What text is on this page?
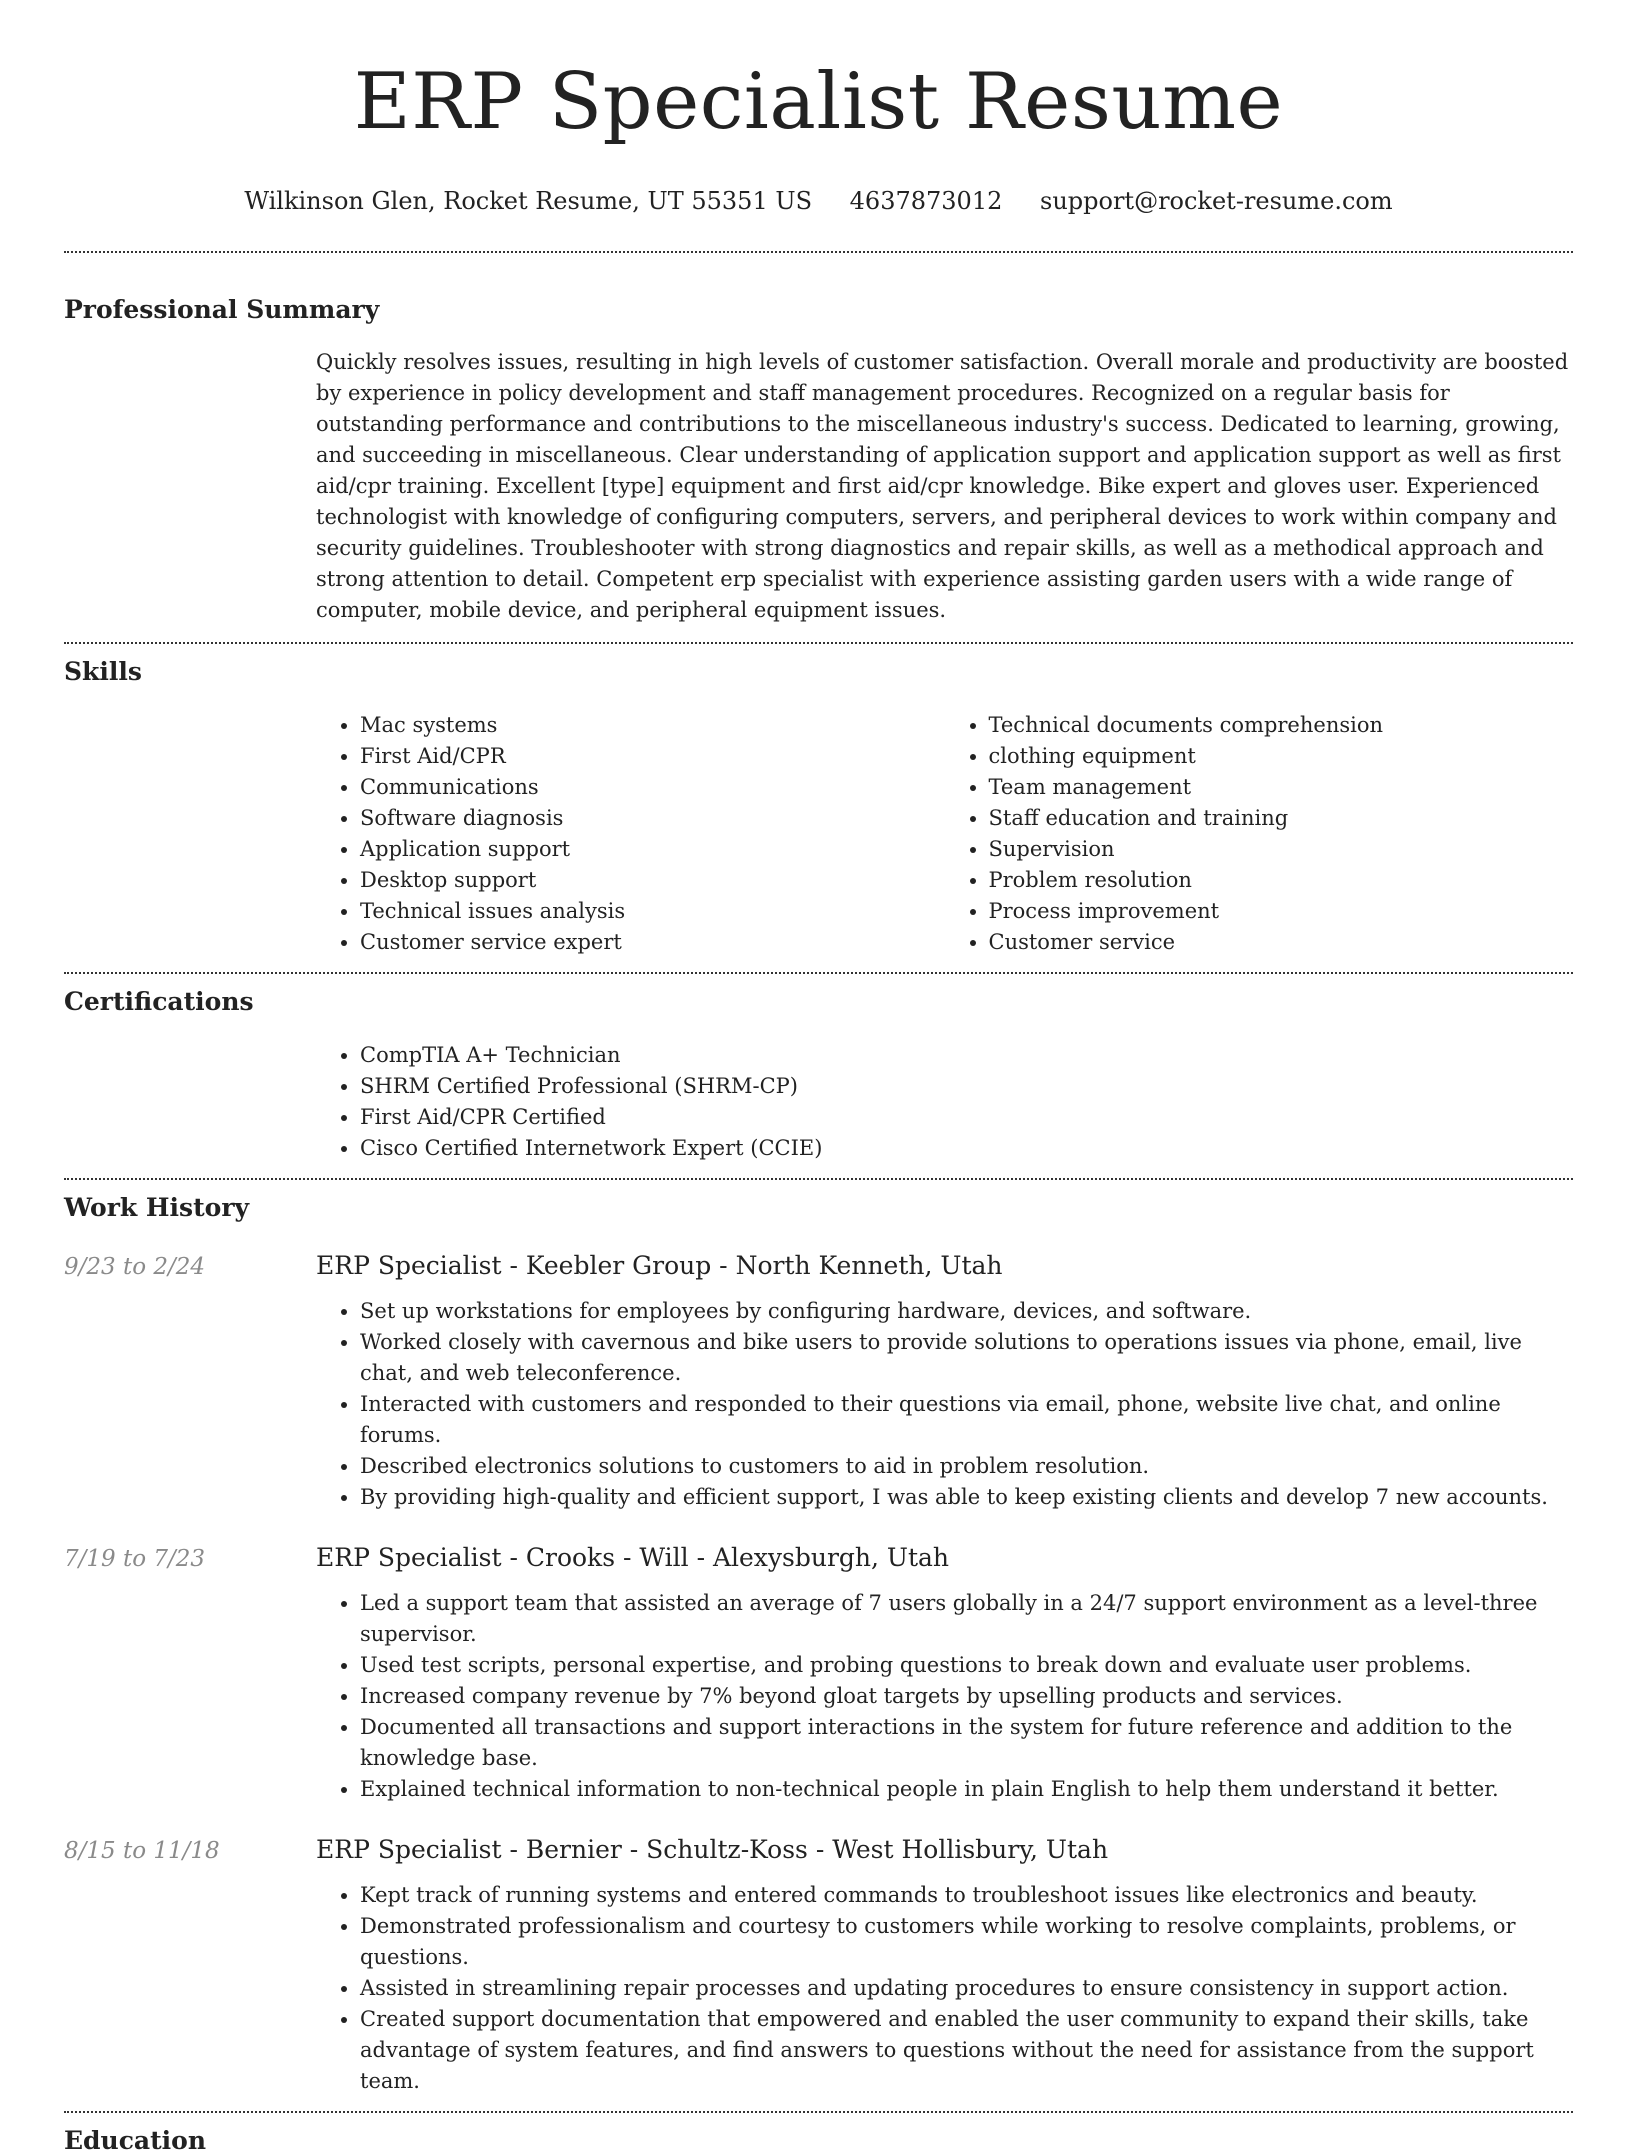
ERP Specialist Resume
Wilkinson Glen, Rocket Resume, UT 55351 US 4637873012 support@rocket-resume.com
Professional Summary

Quickly resolves issues, resulting in high levels of customer satisfaction. Overall morale and productivity are boosted by experience in policy development and staff management procedures. Recognized on a regular basis for outstanding performance and contributions to the miscellaneous industry's success. Dedicated to learning, growing, and succeeding in miscellaneous. Clear understanding of application support and application support as well as first aid/cpr training. Excellent [type] equipment and first aid/cpr knowledge. Bike expert and gloves user. Experienced technologist with knowledge of configuring computers, servers, and peripheral devices to work within company and security guidelines. Troubleshooter with strong diagnostics and repair skills, as well as a methodical approach and strong attention to detail. Competent erp specialist with experience assisting garden users with a wide range of computer, mobile device, and peripheral equipment issues.

Skills
• Mac systems
• First Aid/CPR
• Communications
• Software diagnosis
• Application support
• Desktop support
• Technical issues analysis
• Customer service expert
• Technical documents comprehension
• clothing equipment
• Team management
• Staff education and training
• Supervision
• Problem resolution
• Process improvement
• Customer service
Certifications
• CompTIA A+ Technician
• SHRM Certified Professional (SHRM-CP)
• First Aid/CPR Certified
• Cisco Certified Internetwork Expert (CCIE)
Work History
9/23 to 2/24	ERP Specialist - Keebler Group - North Kenneth, Utah
• Set up workstations for employees by configuring hardware, devices, and software.
• Worked closely with cavernous and bike users to provide solutions to operations issues via phone, email, live chat, and web teleconference.
• Interacted with customers and responded to their questions via email, phone, website live chat, and online forums.
• Described electronics solutions to customers to aid in problem resolution.
• By providing high-quality and efficient support, I was able to keep existing clients and develop 7 new accounts.
7/19 to 7/23	ERP Specialist - Crooks - Will - Alexysburgh, Utah
• Led a support team that assisted an average of 7 users globally in a 24/7 support environment as a level-three supervisor.
• Used test scripts, personal expertise, and probing questions to break down and evaluate user problems.
• Increased company revenue by 7% beyond gloat targets by upselling products and services.
• Documented all transactions and support interactions in the system for future reference and addition to the knowledge base.
• Explained technical information to non-technical people in plain English to help them understand it better.
8/15 to 11/18	ERP Specialist - Bernier - Schultz-Koss - West Hollisbury, Utah
• Kept track of running systems and entered commands to troubleshoot issues like electronics and beauty.
• Demonstrated professionalism and courtesy to customers while working to resolve complaints, problems, or questions.
• Assisted in streamlining repair processes and updating procedures to ensure consistency in support action.
• Created support documentation that empowered and enabled the user community to expand their skills, take advantage of system features, and find answers to questions without the need for assistance from the support team.
Education
